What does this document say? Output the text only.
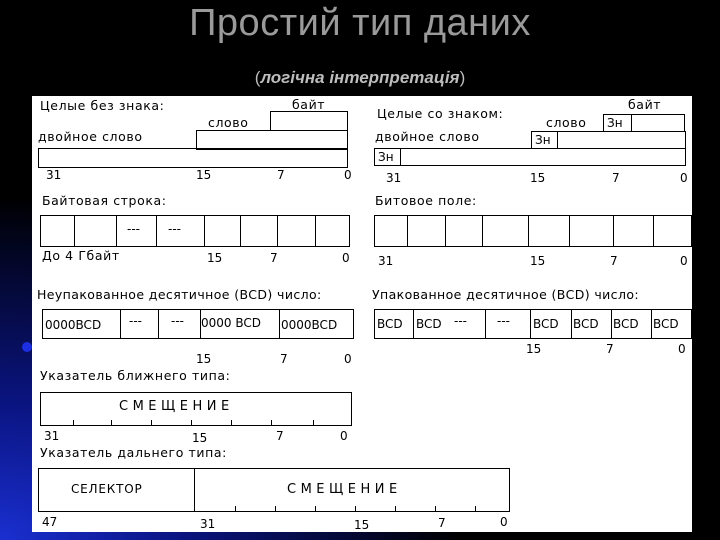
Простий тип даних
(логічна інтерпретація)
Целые без знака:	байт
слово
двойное слово
31	15	7	0
Целые со знаком:
байт
слово Зн
двойное слово	Зн
Зн
31	15	7	0
Байтовая строка:
--- ---
До 4 Гбайт	15	7	0
Битовое поле:
31	15	7	0
Неупакованное десятичное (BCD) число:
0000BCD --- --- 0000 BCD 0000BCD
15	7	0
Упакованное десятичное (BCD) число:
BCD BCD ---	--- BCD BCD BCD BCD
15	7	0
Указатель ближнего типа:
СМЕЩЕНИЕ
31	15	7	0
Указатель дальнего типа:
СЕЛЕКТОР	СМЕЩЕНИЕ
47	31	15	7	0
